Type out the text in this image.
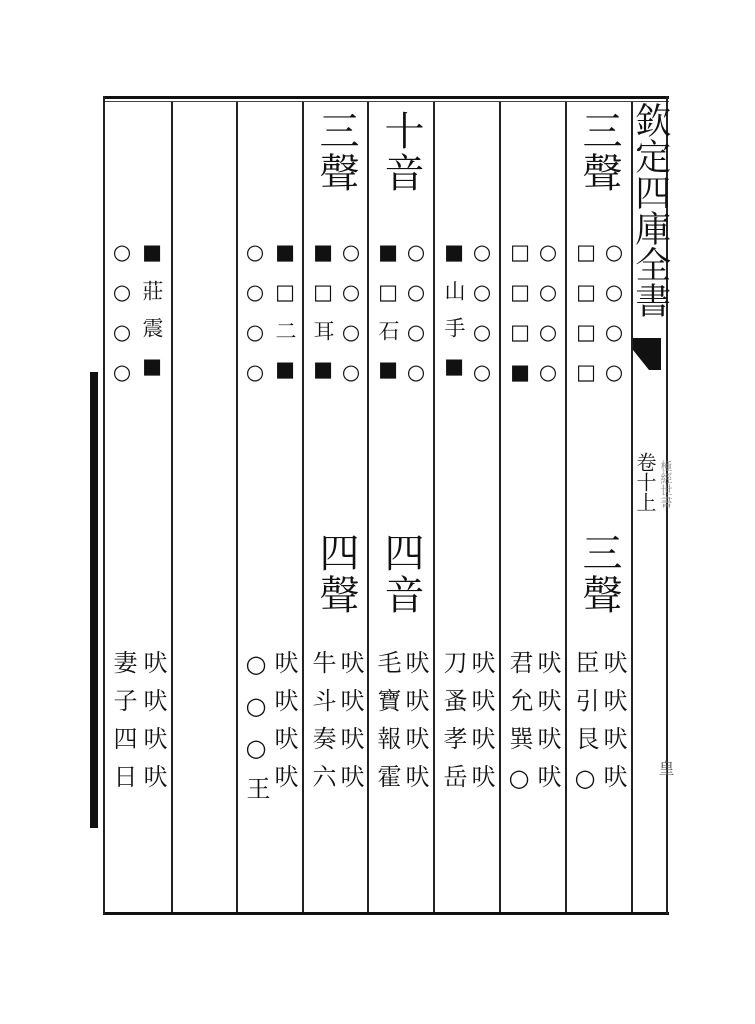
欽定四庫全書
卷十上 極經世書
皇
三聲
○○○○
□□□□
三聲
吠吠吠吠
臣引艮○
○○○○
□□□■
吠吠吠吠
君允巽○
○○○○
■山手■
吠吠吠吠
刀蚤孝岳
十音
○○○○
■□石■
四音
吠吠吠吠
毛寶報霍
三聲
○○○○
■□耳■
四聲
吠吠吠吠
牛斗奏六
○○○○ ■□二■
吠吠吠吠
○○○王
○○○○ ■莊震■
吠吠吠吠
妻子四日
